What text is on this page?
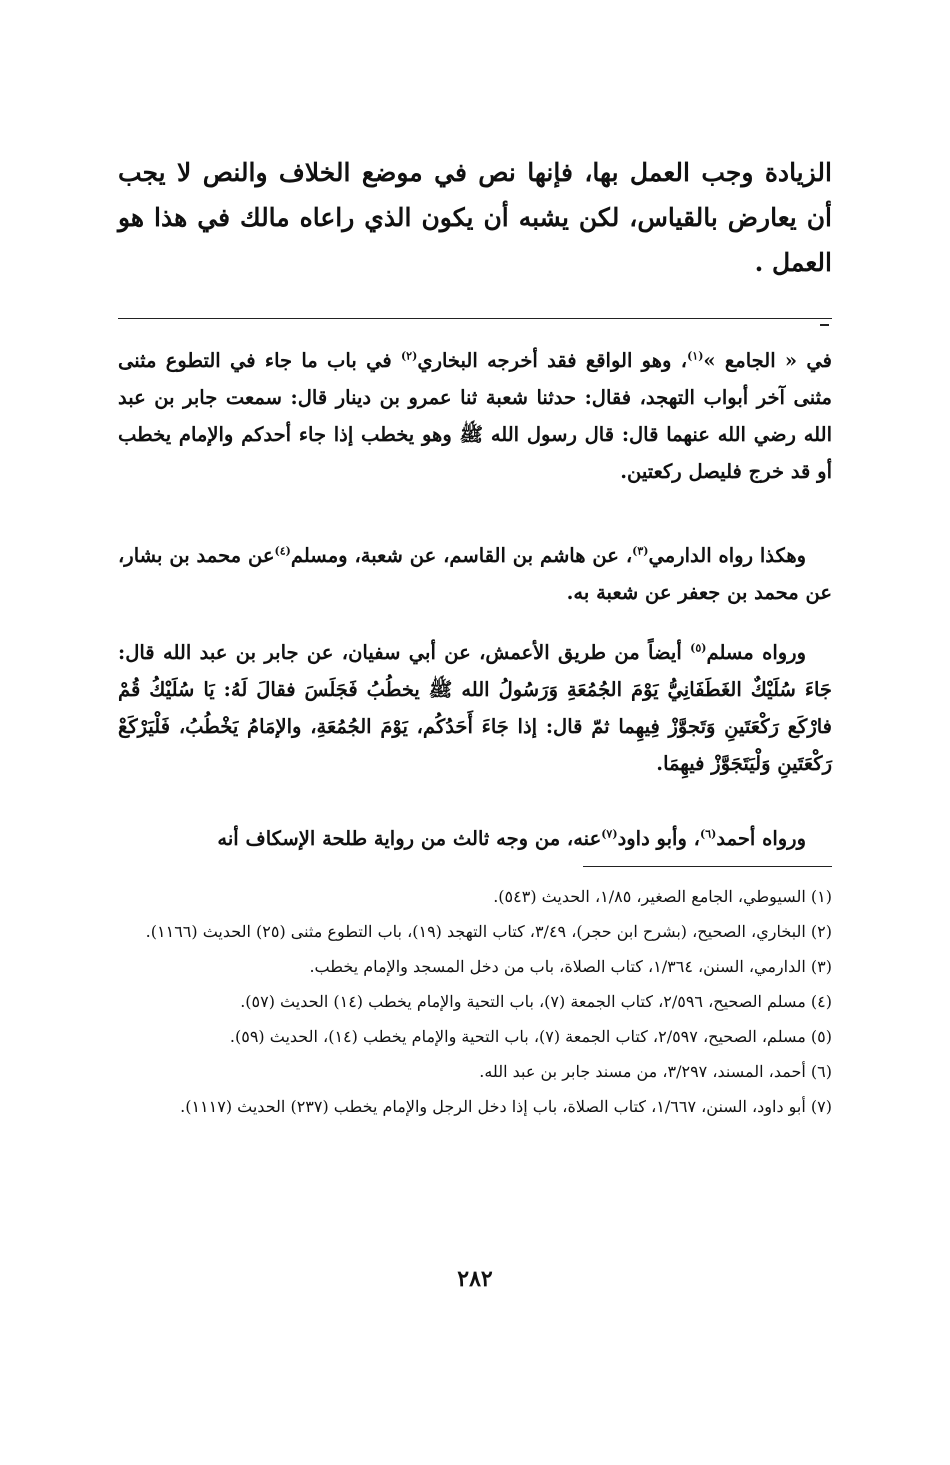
الزيادة وجب العمل بها، فإنها نص في موضع الخلاف والنص لا يجب أن يعارض بالقياس، لكن يشبه أن يكون الذي راعاه مالك في هذا هو العمل .
في « الجامع »$^{(١)}$، وهو الواقع فقد أخرجه البخاري$^{(٢)}$ في باب ما جاء في التطوع مثنى مثنى آخر أبواب التهجد، فقال: حدثنا شعبة ثنا عمرو بن دينار قال: سمعت جابر بن عبد الله رضي الله عنهما قال: قال رسول الله ﷺ وهو يخطب إذا جاء أحدكم والإمام يخطب أو قد خرج فليصل ركعتين.
وهكذا رواه الدارمي$^{(٣)}$، عن هاشم بن القاسم، عن شعبة، ومسلم$^{(٤)}$عن محمد بن بشار، عن محمد بن جعفر عن شعبة به.
ورواه مسلم$^{(٥)}$ أيضاً من طريق الأعمش، عن أبي سفيان، عن جابر بن عبد الله قال: جَاءَ سُلَيْكٌ الغَطَفَانِيُّ يَوْمَ الجُمُعَةِ وَرَسُولُ الله ﷺ يخطُبُ فَجَلَسَ فقالَ لَهُ: يَا سُلَيْكُ قُمْ فارْكَع رَكْعَتَينِ وَتَجوَّزْ فِيهِما ثمّ قال: إذا جَاءَ أَحَدُكُم، يَوْمَ الجُمُعَةِ، والإمَامُ يَخْطُبُ، فَلْيَرْكَعْ رَكْعَتَينِ وَلْيَتَجَوَّزْ فيهِمَا.
ورواه أحمد$^{(٦)}$، وأبو داود$^{(٧)}$عنه، من وجه ثالث من رواية طلحة الإسكاف أنه

(١) السيوطي، الجامع الصغير، ١/٨٥، الحديث (٥٤٣).

(٢) البخاري، الصحيح، (بشرح ابن حجر)، ٣/٤٩، كتاب التهجد (١٩)، باب التطوع مثنى (٢٥) الحديث (١١٦٦).

(٣) الدارمي، السنن، ١/٣٦٤، كتاب الصلاة، باب من دخل المسجد والإمام يخطب.

(٤) مسلم الصحيح، ٢/٥٩٦، كتاب الجمعة (٧)، باب التحية والإمام يخطب (١٤) الحديث (٥٧).

(٥) مسلم، الصحيح، ٢/٥٩٧، كتاب الجمعة (٧)، باب التحية والإمام يخطب (١٤)، الحديث (٥٩).

(٦) أحمد، المسند، ٣/٢٩٧، من مسند جابر بن عبد الله.

(٧) أبو داود، السنن، ١/٦٦٧، كتاب الصلاة، باب إذا دخل الرجل والإمام يخطب (٢٣٧) الحديث (١١١٧).

٢٨٢
